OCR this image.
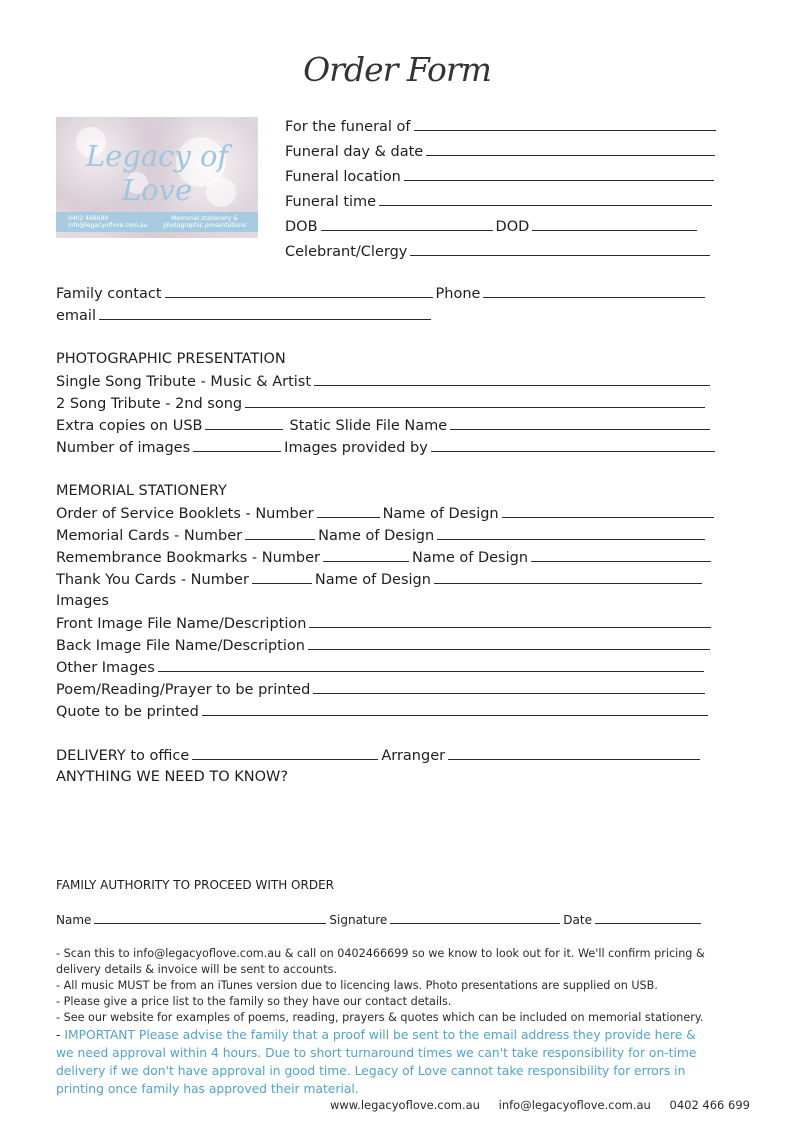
Order Form
Legacy of Love
0402 466699
info@legacyoflove.com.au
Memorial stationery &
photographic presentations
For the funeral of
Funeral day & date
Funeral location
Funeral time
DOB	DOD
Celebrant/Clergy
Family contact	Phone
email
PHOTOGRAPHIC PRESENTATION
Single Song Tribute - Music & Artist
2 Song Tribute - 2nd song
Extra copies on USB	Static Slide File Name
Number of images	Images provided by
MEMORIAL STATIONERY
Order of Service Booklets - Number	Name of Design
Memorial Cards - Number	Name of Design
Remembrance Bookmarks - Number	Name of Design
Thank You Cards - Number	Name of Design
Images
Front Image File Name/Description
Back Image File Name/Description
Other Images
Poem/Reading/Prayer to be printed
Quote to be printed
DELIVERY to office	Arranger
ANYTHING WE NEED TO KNOW?
FAMILY AUTHORITY TO PROCEED WITH ORDER
Name	Signature	Date

- Scan this to info@legacyoflove.com.au & call on 0402466699 so we know to look out for it. We'll confirm pricing & delivery details & invoice will be sent to accounts.

- All music MUST be from an iTunes version due to licencing laws. Photo presentations are supplied on USB.

- Please give a price list to the family so they have our contact details.

- See our website for examples of poems, reading, prayers & quotes which can be included on memorial stationery.

- IMPORTANT Please advise the family that a proof will be sent to the email address they provide here & we need approval within 4 hours. Due to short turnaround times we can't take responsibility for on-time delivery if we don't have approval in good time. Legacy of Love cannot take responsibility for errors in printing once family has approved their material.

www.legacyoflove.com.au info@legacyoflove.com.au 0402 466 699
